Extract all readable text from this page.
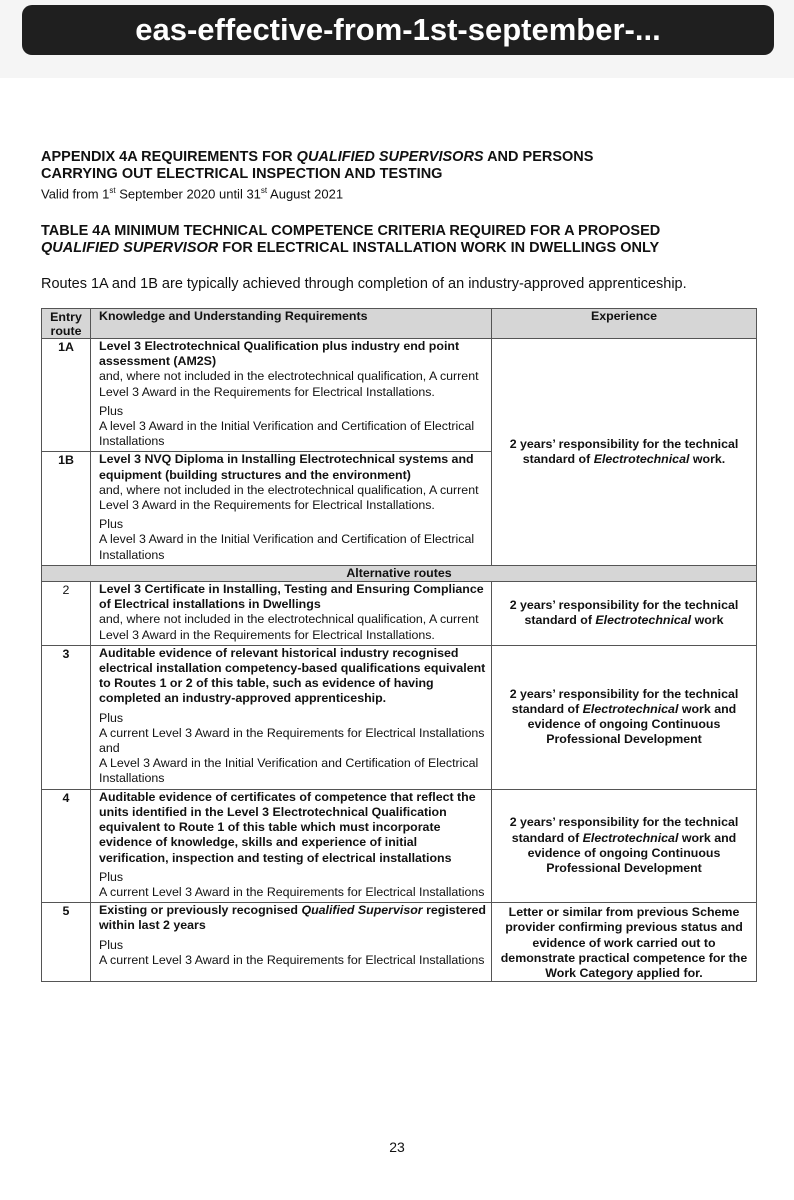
eas-effective-from-1st-september-...
APPENDIX 4A REQUIREMENTS FOR QUALIFIED SUPERVISORS AND PERSONS
CARRYING OUT ELECTRICAL INSPECTION AND TESTING
Valid from 1st September 2020 until 31st August 2021
TABLE 4A MINIMUM TECHNICAL COMPETENCE CRITERIA REQUIRED FOR A PROPOSED
QUALIFIED SUPERVISOR FOR ELECTRICAL INSTALLATION WORK IN DWELLINGS ONLY
Routes 1A and 1B are typically achieved through completion of an industry-approved apprenticeship.
Entry route	Knowledge and Understanding Requirements	Experience
1A	Level 3 Electrotechnical Qualification plus industry end point assessment (AM2S)
and, where not included in the electrotechnical qualification, A current Level 3 Award in the Requirements for Electrical Installations.
Plus
A level 3 Award in the Initial Verification and Certification of Electrical Installations	2 years’ responsibility for the technical standard of Electrotechnical work.
1B	Level 3 NVQ Diploma in Installing Electrotechnical systems and equipment (building structures and the environment)
and, where not included in the electrotechnical qualification, A current Level 3 Award in the Requirements for Electrical Installations.
Plus
A level 3 Award in the Initial Verification and Certification of Electrical Installations	

Alternative routes		
2	Level 3 Certificate in Installing, Testing and Ensuring Compliance of Electrical installations in Dwellings
and, where not included in the electrotechnical qualification, A current Level 3 Award in the Requirements for Electrical Installations.	2 years’ responsibility for the technical standard of Electrotechnical work
3	Auditable evidence of relevant historical industry recognised electrical installation competency-based qualifications equivalent to Routes 1 or 2 of this table, such as evidence of having completed an industry-approved apprenticeship.
Plus
A current Level 3 Award in the Requirements for Electrical Installations
and
A Level 3 Award in the Initial Verification and Certification of Electrical Installations	2 years’ responsibility for the technical standard of Electrotechnical work and evidence of ongoing Continuous Professional Development
4	Auditable evidence of certificates of competence that reflect the units identified in the Level 3 Electrotechnical Qualification equivalent to Route 1 of this table which must incorporate evidence of knowledge, skills and experience of initial verification, inspection and testing of electrical installations
Plus
A current Level 3 Award in the Requirements for Electrical Installations	2 years’ responsibility for the technical standard of Electrotechnical work and evidence of ongoing Continuous Professional Development
5	Existing or previously recognised Qualified Supervisor registered within last 2 years
Plus
A current Level 3 Award in the Requirements for Electrical Installations	Letter or similar from previous Scheme provider confirming previous status and evidence of work carried out to demonstrate practical competence for the Work Category applied for.
23
